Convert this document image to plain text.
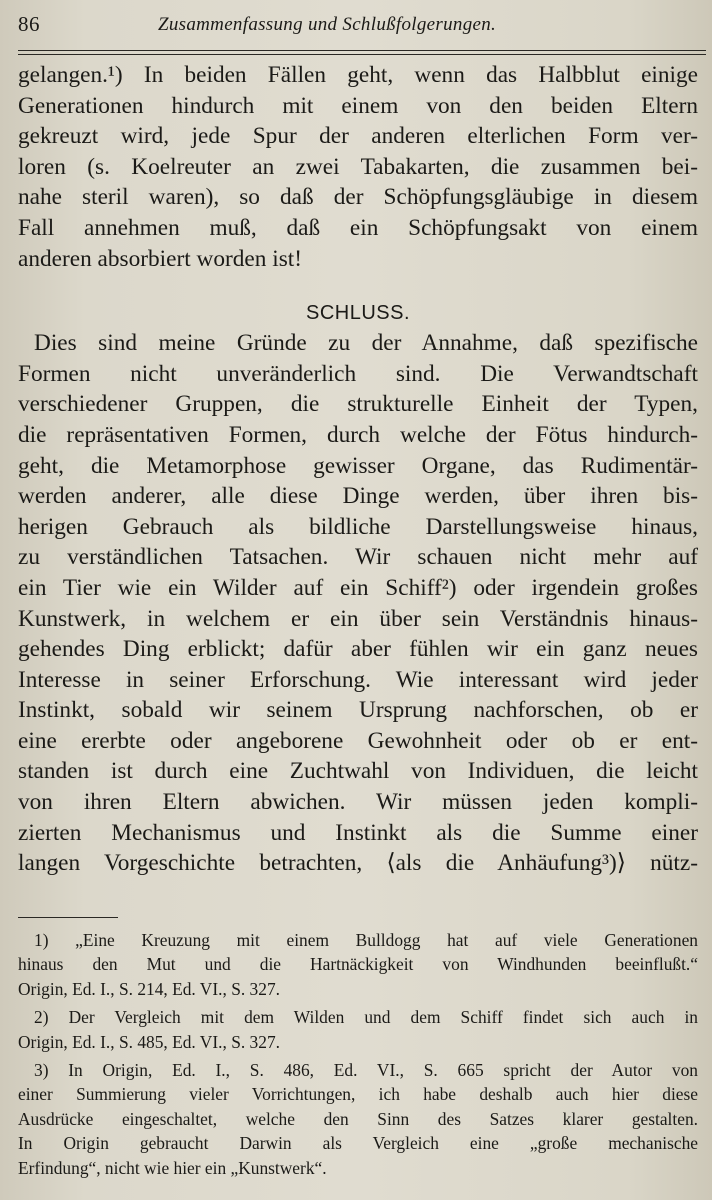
86	Zusammenfassung und Schlußfolgerungen.
gelangen.¹) In beiden Fällen geht, wenn das Halbblut einige
Generationen hindurch mit einem von den beiden Eltern
gekreuzt wird, jede Spur der anderen elterlichen Form ver-
loren (s. Koelreuter an zwei Tabakarten, die zusammen bei-
nahe steril waren), so daß der Schöpfungsgläubige in diesem
Fall annehmen muß, daß ein Schöpfungsakt von einem
anderen absorbiert worden ist!
SCHLUSS.
Dies sind meine Gründe zu der Annahme, daß spezifische
Formen nicht unveränderlich sind. Die Verwandtschaft
verschiedener Gruppen, die strukturelle Einheit der Typen,
die repräsentativen Formen, durch welche der Fötus hindurch-
geht, die Metamorphose gewisser Organe, das Rudimentär-
werden anderer, alle diese Dinge werden, über ihren bis-
herigen Gebrauch als bildliche Darstellungsweise hinaus,
zu verständlichen Tatsachen. Wir schauen nicht mehr auf
ein Tier wie ein Wilder auf ein Schiff²) oder irgendein großes
Kunstwerk, in welchem er ein über sein Verständnis hinaus-
gehendes Ding erblickt; dafür aber fühlen wir ein ganz neues
Interesse in seiner Erforschung. Wie interessant wird jeder
Instinkt, sobald wir seinem Ursprung nachforschen, ob er
eine ererbte oder angeborene Gewohnheit oder ob er ent-
standen ist durch eine Zuchtwahl von Individuen, die leicht
von ihren Eltern abwichen. Wir müssen jeden kompli-
zierten Mechanismus und Instinkt als die Summe einer
langen Vorgeschichte betrachten, ⟨als die Anhäufung³)⟩ nütz-
1) „Eine Kreuzung mit einem Bulldogg hat auf viele Generationen
hinaus den Mut und die Hartnäckigkeit von Windhunden beeinflußt.“
Origin, Ed. I., S. 214, Ed. VI., S. 327.
2) Der Vergleich mit dem Wilden und dem Schiff findet sich auch in
Origin, Ed. I., S. 485, Ed. VI., S. 327.
3) In Origin, Ed. I., S. 486, Ed. VI., S. 665 spricht der Autor von
einer Summierung vieler Vorrichtungen, ich habe deshalb auch hier diese
Ausdrücke eingeschaltet, welche den Sinn des Satzes klarer gestalten.
In Origin gebraucht Darwin als Vergleich eine „große mechanische
Erfindung“, nicht wie hier ein „Kunstwerk“.
